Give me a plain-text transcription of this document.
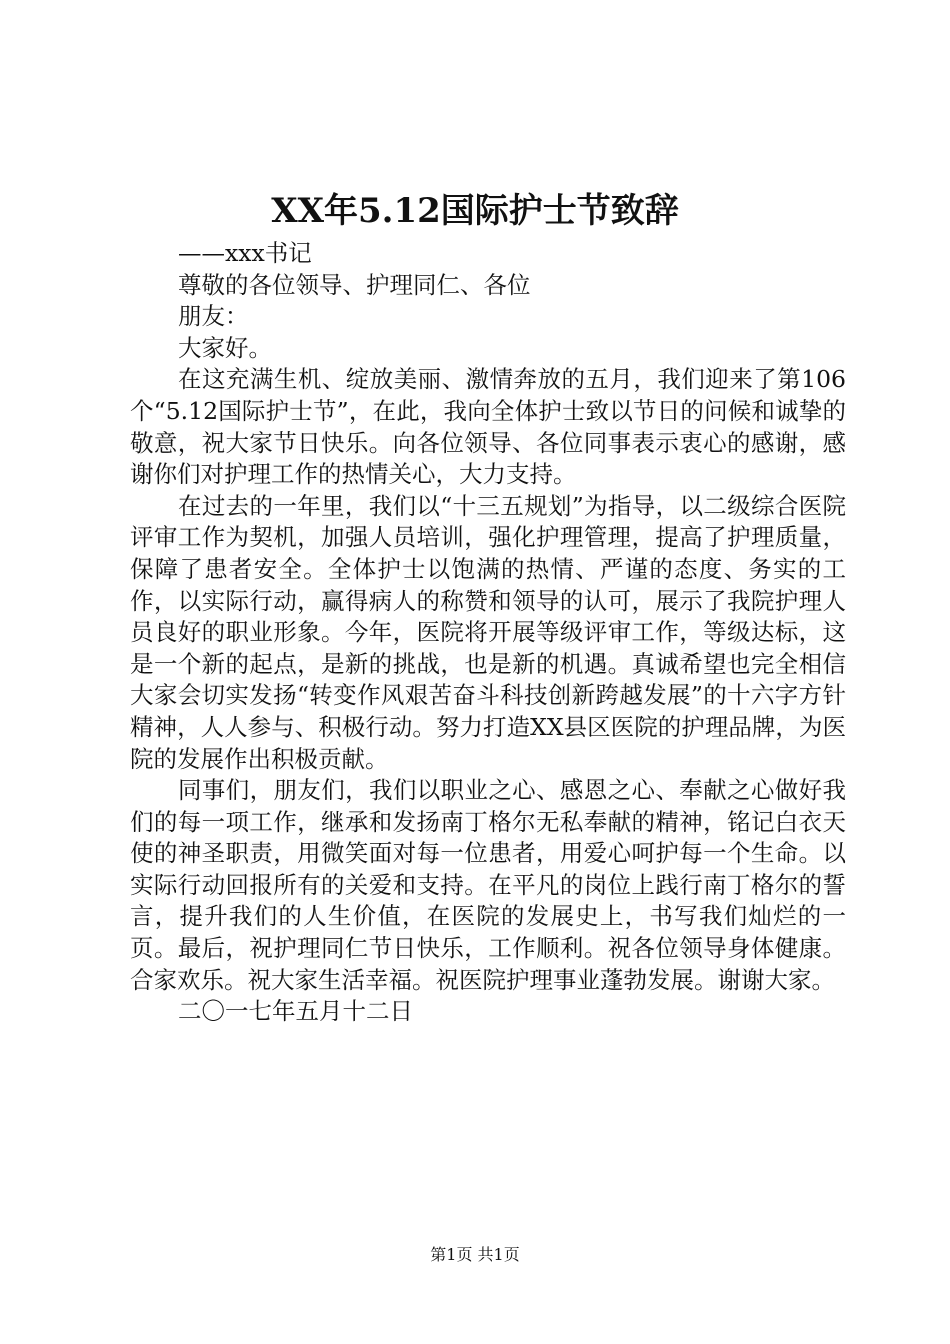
XX年5.12国际护士节致辞

——xxx书记

尊敬的各位领导、护理同仁、各位

朋友：

大家好。

在这充满生机、绽放美丽、激情奔放的五月，我们迎来了第106个“5.12国际护士节”，在此，我向全体护士致以节日的问候和诚挚的敬意，祝大家节日快乐。向各位领导、各位同事表示衷心的感谢，感谢你们对护理工作的热情关心，大力支持。

在过去的一年里，我们以“十三五规划”为指导，以二级综合医院评审工作为契机，加强人员培训，强化护理管理，提高了护理质量，保障了患者安全。全体护士以饱满的热情、严谨的态度、务实的工作，以实际行动，赢得病人的称赞和领导的认可，展示了我院护理人员良好的职业形象。今年，医院将开展等级评审工作，等级达标，这是一个新的起点，是新的挑战，也是新的机遇。真诚希望也完全相信大家会切实发扬“转变作风艰苦奋斗科技创新跨越发展”的十六字方针精神，人人参与、积极行动。努力打造XX县区医院的护理品牌，为医院的发展作出积极贡献。

同事们，朋友们，我们以职业之心、感恩之心、奉献之心做好我们的每一项工作，继承和发扬南丁格尔无私奉献的精神，铭记白衣天使的神圣职责，用微笑面对每一位患者，用爱心呵护每一个生命。以实际行动回报所有的关爱和支持。在平凡的岗位上践行南丁格尔的誓言，提升我们的人生价值，在医院的发展史上，书写我们灿烂的一页。最后，祝护理同仁节日快乐，工作顺利。祝各位领导身体健康。合家欢乐。祝大家生活幸福。祝医院护理事业蓬勃发展。谢谢大家。

二〇一七年五月十二日

第1页 共1页
